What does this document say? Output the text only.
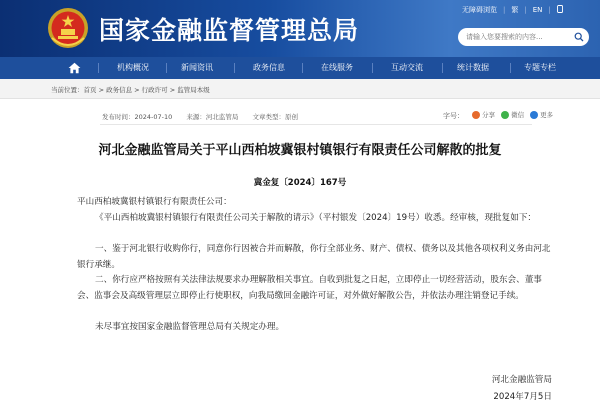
国家金融监督管理总局
无障碍浏览 | 繁 | EN |
请输入您要搜索的内容...
机构概况	新闻资讯	政务信息	在线服务	互动交流	统计数据	专题专栏
当前位置：首页 > 政务信息 > 行政许可 > 监管局本级
发布时间：2024-07-10 来源：河北监管局 文章类型：原创	字号：	分享 微信 更多
河北金融监管局关于平山西柏坡冀银村镇银行有限责任公司解散的批复
冀金复〔2024〕167号
平山西柏坡冀银村镇银行有限责任公司：
《平山西柏坡冀银村镇银行有限责任公司关于解散的请示》（平村银发〔2024〕19号）收悉。经审核，现批复如下：
一、鉴于河北银行收购你行，同意你行因被合并而解散，你行全部业务、财产、债权、债务以及其他各项权利义务由河北银行承继。
二、你行应严格按照有关法律法规要求办理解散相关事宜。自收到批复之日起，立即停止一切经营活动，股东会、董事会、监事会及高级管理层立即停止行使职权，向我局缴回金融许可证，对外做好解散公告，并依法办理注销登记手续。
未尽事宜按国家金融监督管理总局有关规定办理。
河北金融监管局
2024年7月5日
